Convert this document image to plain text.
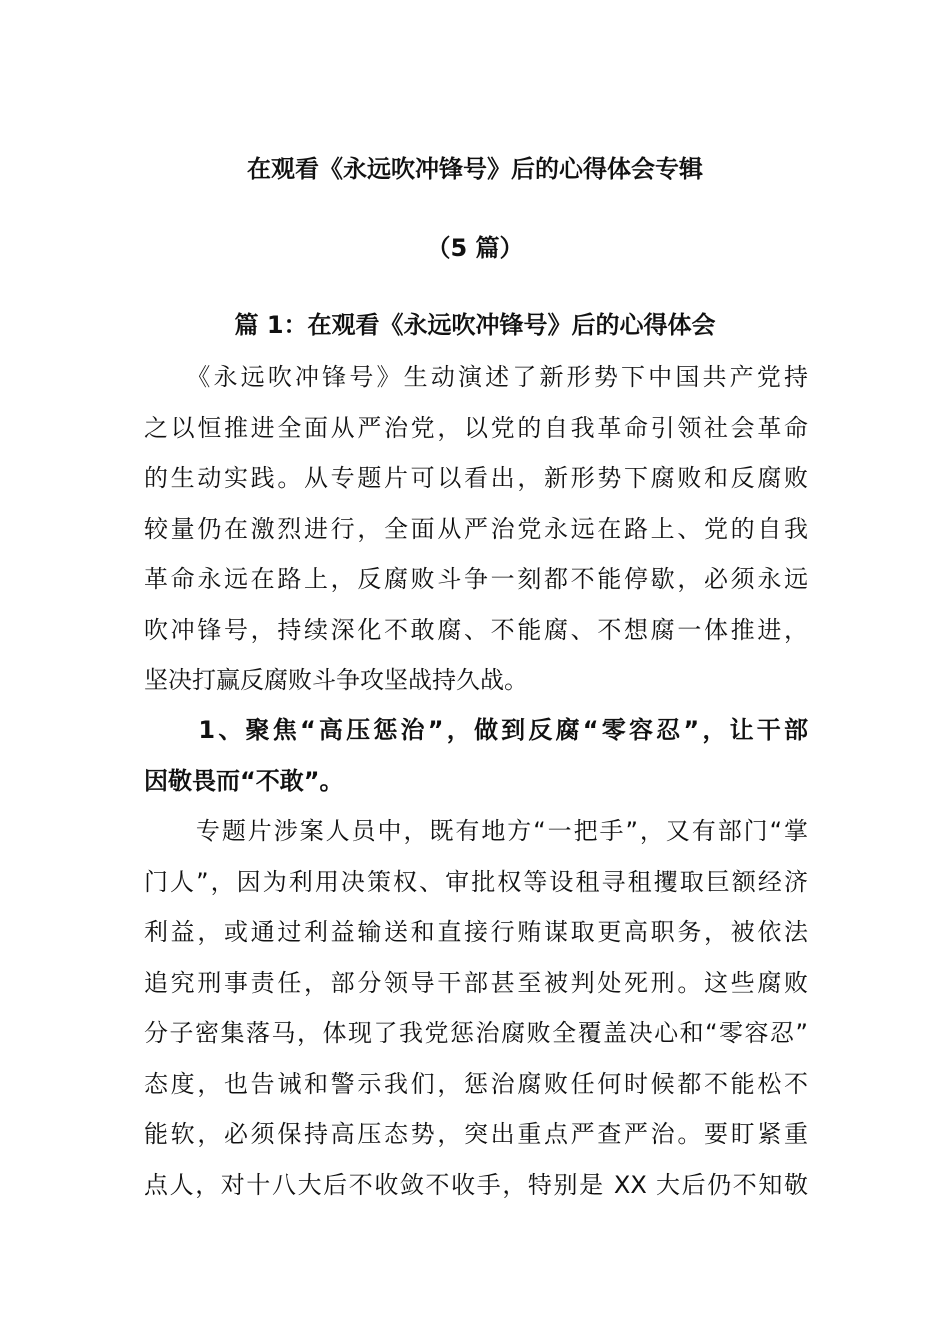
在观看《永远吹冲锋号》后的心得体会专辑
（5 篇）
篇 1：在观看《永远吹冲锋号》后的心得体会

　　《永远吹冲锋号》生动演述了新形势下中国共产党持
之以恒推进全面从严治党，以党的自我革命引领社会革命
的生动实践。从专题片可以看出，新形势下腐败和反腐败
较量仍在激烈进行，全面从严治党永远在路上、党的自我
革命永远在路上，反腐败斗争一刻都不能停歇，必须永远
吹冲锋号，持续深化不敢腐、不能腐、不想腐一体推进，
坚决打赢反腐败斗争攻坚战持久战。

　　1、聚焦“高压惩治”，做到反腐“零容忍”，让干部
因敬畏而“不敢”。

　　专题片涉案人员中，既有地方“一把手”，又有部门“掌
门人”，因为利用决策权、审批权等设租寻租攫取巨额经济
利益，或通过利益输送和直接行贿谋取更高职务，被依法
追究刑事责任，部分领导干部甚至被判处死刑。这些腐败
分子密集落马，体现了我党惩治腐败全覆盖决心和“零容忍”
态度，也告诫和警示我们，惩治腐败任何时候都不能松不
能软，必须保持高压态势，突出重点严查严治。要盯紧重
点人，对十八大后不收敛不收手，特别是 XX 大后仍不知敬
